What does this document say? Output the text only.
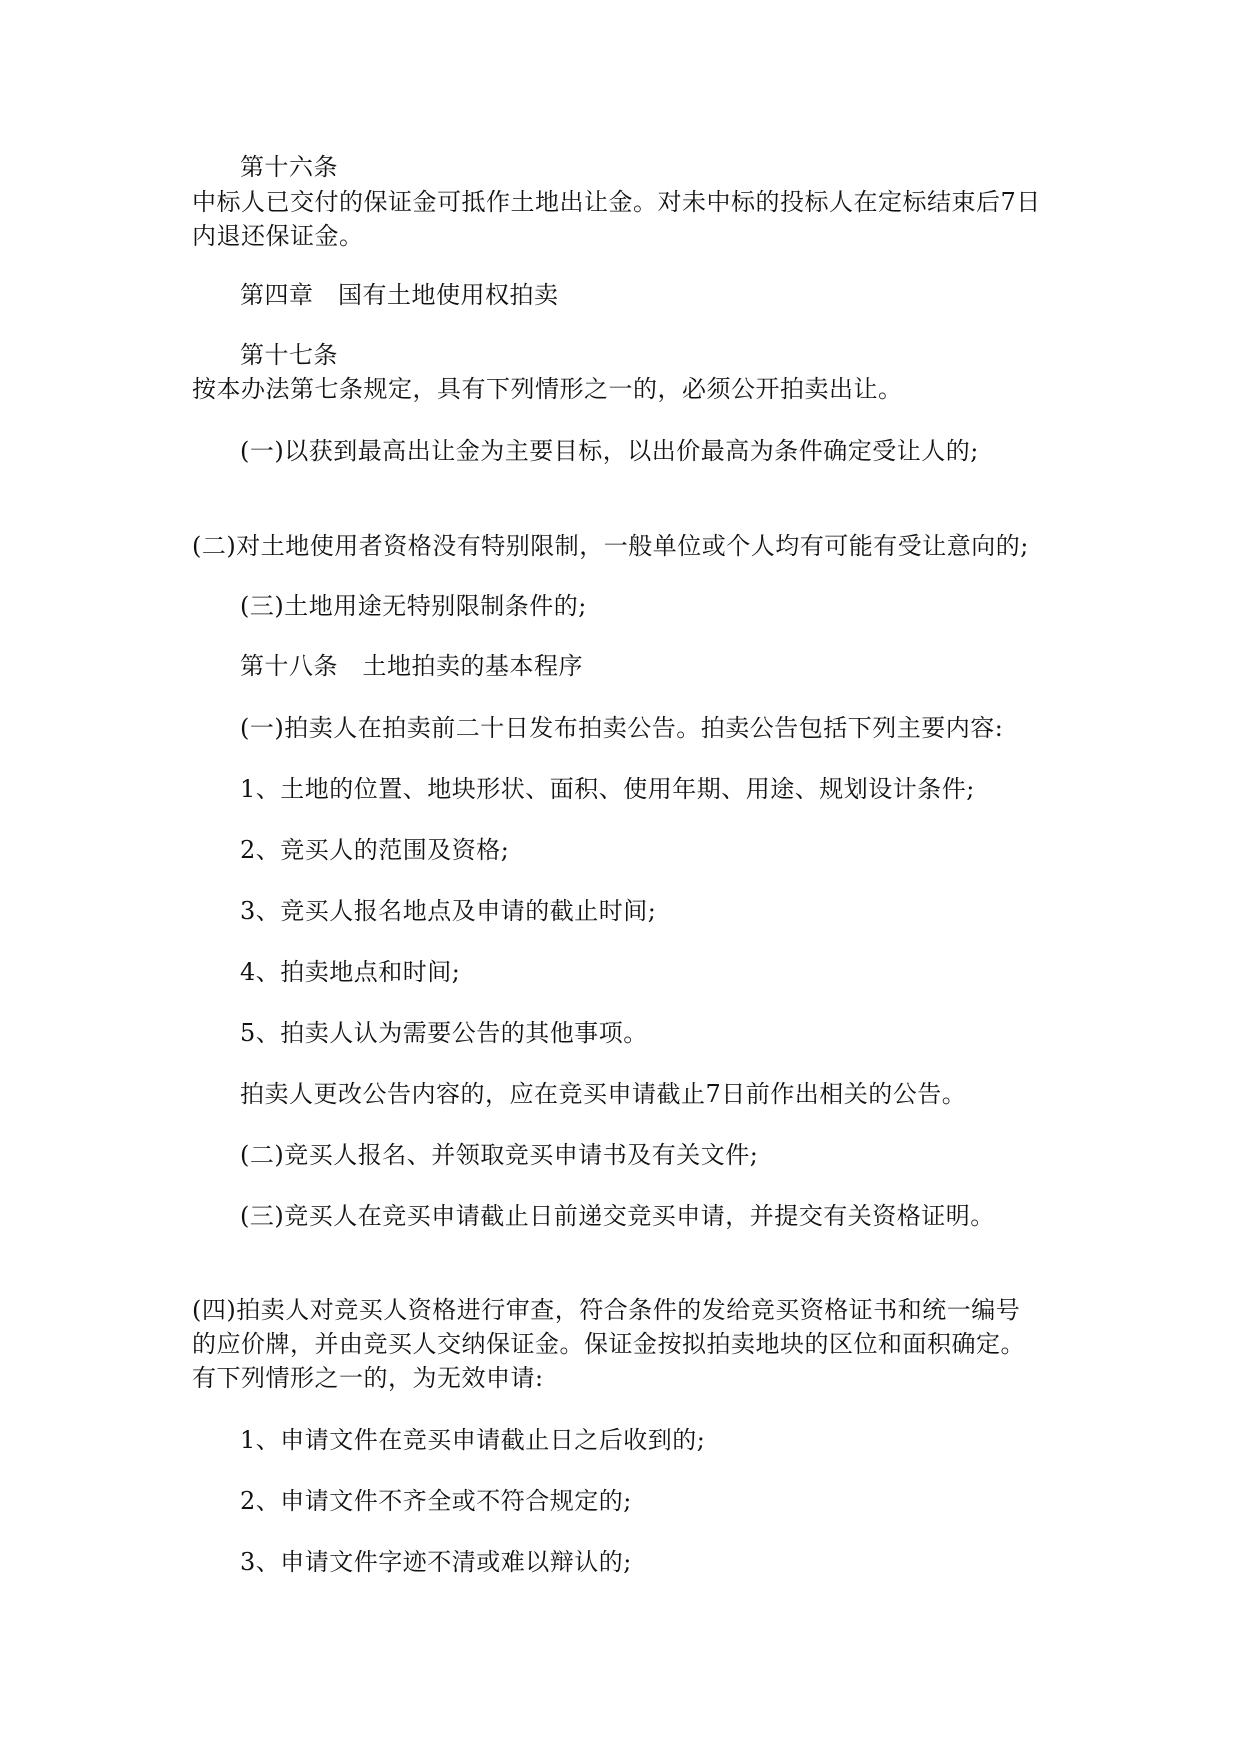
第十六条
中标人已交付的保证金可抵作土地出让金。对未中标的投标人在定标结束后7日
内退还保证金。
第四章　国有土地使用权拍卖
第十七条
按本办法第七条规定，具有下列情形之一的，必须公开拍卖出让。
(一)以获到最高出让金为主要目标，以出价最高为条件确定受让人的;
(二)对土地使用者资格没有特别限制，一般单位或个人均有可能有受让意向的;
(三)土地用途无特别限制条件的;
第十八条　土地拍卖的基本程序
(一)拍卖人在拍卖前二十日发布拍卖公告。拍卖公告包括下列主要内容:
1、土地的位置、地块形状、面积、使用年期、用途、规划设计条件;
2、竞买人的范围及资格;
3、竞买人报名地点及申请的截止时间;
4、拍卖地点和时间;
5、拍卖人认为需要公告的其他事项。
拍卖人更改公告内容的，应在竞买申请截止7日前作出相关的公告。
(二)竞买人报名、并领取竞买申请书及有关文件;
(三)竞买人在竞买申请截止日前递交竞买申请，并提交有关资格证明。
(四)拍卖人对竞买人资格进行审查，符合条件的发给竞买资格证书和统一编号
的应价牌，并由竞买人交纳保证金。保证金按拟拍卖地块的区位和面积确定。
有下列情形之一的，为无效申请:
1、申请文件在竞买申请截止日之后收到的;
2、申请文件不齐全或不符合规定的;
3、申请文件字迹不清或难以辩认的;
